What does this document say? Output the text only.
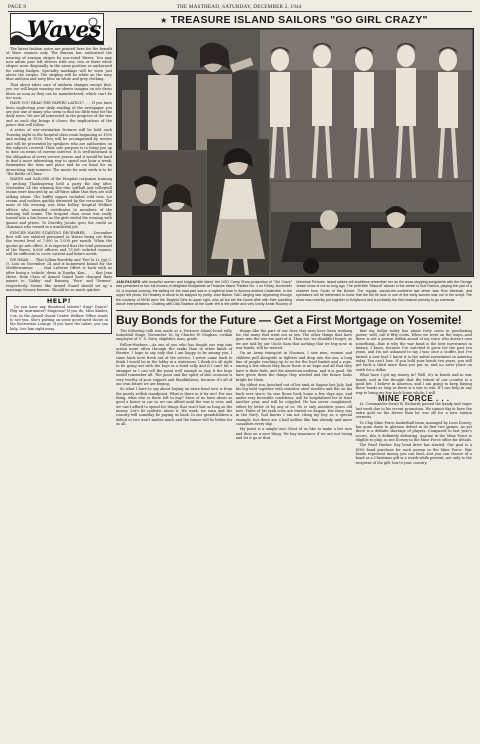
PAGE 8	THE MASTHEAD, SATURDAY, DECEMBER 2, 1944
Waves

The latest fashion notes are printed here for the benefit of Wave seamen only. The Bureau has authorized the wearing of seaman stripes by non-rated Waves. You may now adorn your left sleeves with one, two or three white stripes worn diagonally in the same position as authorized for rating badges. Specialty markings will be worn just above the stripes. The striping will be white on the navy blue uniform and navy blue on white and grey clothing.

That about takes care of uniform changes except that, yes, we will begin wearing our sleeve insignia on our dress blues as soon as they can be manufactured, which can't be too soon.

HAVE YOU READ THE PAPERS LATELY? . . . If you have been neglecting your daily reading of the newspaper you are just one of many who seem to find too little time for the daily news. We are all interested in the progress of the war and as each day brings it closer, the implications of the peace that will follow.

A series of war-orientation lectures will be held each Tuesday night in the hospital class room beginning at 1900 and ending at 1930. They will be accompanied by movies and will be presented by speakers who are authorities on the subjects covered. Their sole purpose is to bring you up to date on items of current interest. It is well-informed in the obligation of every service person and it would be hard to find a more interesting way to spend one hour a week. Remember the time and place and be on hand for an interesting sixty minutes. The movie for next week is to be 'The Battle of China.'

WAVES and SAILORS of the Hospital corpsmen training to prolong Thanksgiving held a party the day after. November 24 the winning Doc-ette softball and volleyball teams were honored by an all-Wave affair that they are still talking about. The buffet supper included cold cuts, ice cream, and cookies quickly devoured by the voracious. The main of the evening was Miss Kelley, hospital Welfare officer, who awarded certificates to members of the winning ball teams. The hospital class room was really turned into a fun house as the girls ended the evening with games and prizes. To Dorothy Jacobs goes the credit as chairman who turned in a wonderful job.

FENCER WAVES STARTING DECEMBER . . . December first will see enlisted personnel in Waves being cut from the recent level of 7,500 to 1,000 per month. When the quotas go into effect, it is expected that the total personnel of the Waves, 8,000 officers and 75,000 enlisted women, will be sufficient to cover current and future needs.

WE HEAR . . . That Lillian Borofsky and 'Pee' la Li, (jg) C. O. Lois on November 24 and is homeward bound for the Mediterranean . . . that LaVerne Offert is back with us after being a 'vehicle' dress in Topeka, Kan., . . . that Jean Howe, from Class of Armed Guard have changed their names to 'Gabby' and Ramsey, 'Pace' and 'Farmer,' respectively. Seems like Armed Guard should set up a marriage license bureau. Should be so much quicker.

HELP!

Do you have any theatrical talents? Sing? Dance? Play an instrument? Magician? If you do, Miss Kinder, Cox, in the Armed Guard Center Welfare Office wants to see you. She's putting on some good-sized shows in the Recreation Lounge. If you have the talent, you can help. See him right away.

★ TREASURE ISLAND SAILORS "GO GIRL CRAZY"
JAM-PACKED with beautiful women and bulging with talent, the USO Camp Show production of "Girl Crazy" was presented to two full houses of delighted bluejackets at Treasure Island Theatre No. 1 on Friday, November 24. A musical comedy, the setting for the mad-part was in a mythical town in Arizona dubbed Custerville. In the upper left photo, Ed Heasley is about to be slapped by pretty Joan Barton, N&C singing star. Appearing through the courtesy of MGM were the Ziegfeld Girls at upper right, who all but set the house afire with their sparkling dance interpretations. Chatting with Dick Baldwin at the lower left is the petite and very lovely Annie Rooney of Universal Pictures. Island sailors will doubtless remember her as the show-stopping songstress with the George Jessel show of not so long ago. The petit little "Mascot" dancer in the center is Sue Ramos, playing the part of a charmer from South of the Border. The regular, across-the-continent taxi driver was Rod Marshall, and spectators will be interested to know that the full tie took in one of the early scenes was not in the script. The show was recently put together in Hollywood and is probably the first musical comedy to go overseas.
Buy Bonds for the Future — Get a First Mortgage on Yosemite!

The following talk was made at a Treasure Island bond rally, Industrial Stage, November 16, by Charles W. Moghan, civilian employee of U. S. Navy, shipfitter, man, grade.

Fellow-Workers:—As one of you who has fought our way into action more often through the ranks than in other kinds of theatre, I hope to say only that I am happy to be among you. I came back here fresh out of the service. I never came back to think I would be in the lobby in a stateroom. I think it's all right to be going out with the boys in a bond rally and if I can't hit a stranger or I can tell the point well enough to stay it the boys would remember all. The point and the spirit of this occasion is very worthy of your support and thankfulness, because it's all of our own future we are buying.

So what I have to say about buying an extra bond now is from the purely selfish standpoint. What is there in it for me? For one thing, what else is there left to buy? Most of us have about as good a house or car as we can afford until the war is over, and we can't afford to spend for things that won't last as long as the money. Let's be realistic about it. We work, we earn and the country will someday be paying us back. In our grandchildren a deficit or two won't matter much and the future will be better for us all.

things like the part of our lives that men have been working for, the many that went out at sea. The other things that have gone into the war are part of it. Then too, we shouldn't forget, as we are told by our Uncle Sam that nothing that we buy now, in war bonds, will be wasted.

On an Army transport in Noumea, I saw men, women and children pull alongside in lighters and drop into the sea, a long line of people reaching up to us for the food basket and a rope, among a few whom they know there is no hope and all that they have is their faith, and the American uniform, and it is good. We have given them the things they needed and the future looks bright for them.

My oldest son, knocked out of his tank at Saipan last July, had his leg held together with stainless steel needles and flat on his back ever since; he was flown back home a few days ago, and under very favorable conditions, will be hospitalized for at least another year, and will be crippled. He has never complained, either by letter or by any of us. He is only nineteen years old now. Three of his tank crew are buried on Saipan. His story was in the Navy. God knows I am not citing my boy as a special example, but there are a half million like him already, and more casualties every day.

My point is a simple one: Most of us like to make a bet now and then on a sure thing. We buy insurance if we are not losing and let it go at that.

that my dollar today has about forty cents in purchasing power; well, call it fifty cents. When we were on the ways—and there is not a person within sound of my voice who doesn't own something—that is why the war bond is the best investment in history. I know, because I've watched it grow for the past ten years, and I'm not ashamed to say I was once a scoffer, but I've turned a new leaf. I know it is the safest investment in America today. You can't lose. If you hold your bonds ten years, you will get back a third more than you put in, and no safer place on earth for a dollar.

What have I got my money in? Well, it's in bonds and in war bonds, and in the thought that the future of our country is a good bet. I believe in America, and I am going to keep buying these bonds as long as there is a war to win. If I can help in any way to bring my boy back home whole, I will.

MINE FORCE . . .

Lt. Commander David W. Richards passed the handy and eager last week due to his recent promotion. We cannot dig to have the extra gold on his sleeve than he was off for a new station overseas.

To Chip Mine Force basketball team, managed by Leon Dorsey, has gone down to glorious defeat in its first two games. As yet there is a definite shortage of players. Compared to last year's scores, this is definitely defeating. Anyone in the Mine Force is eligible to play, so see Dorsey in the Mine Force office for details.

The Pearl Harbor Day bond drive has started. Our goal is a $100 bond purchase for each person in the Mine Force. War bonds represent money you can lend—but you can choose of a bond as a Christmas gift is a worth-while present, not only to the recipient of the gift, but to your country.
